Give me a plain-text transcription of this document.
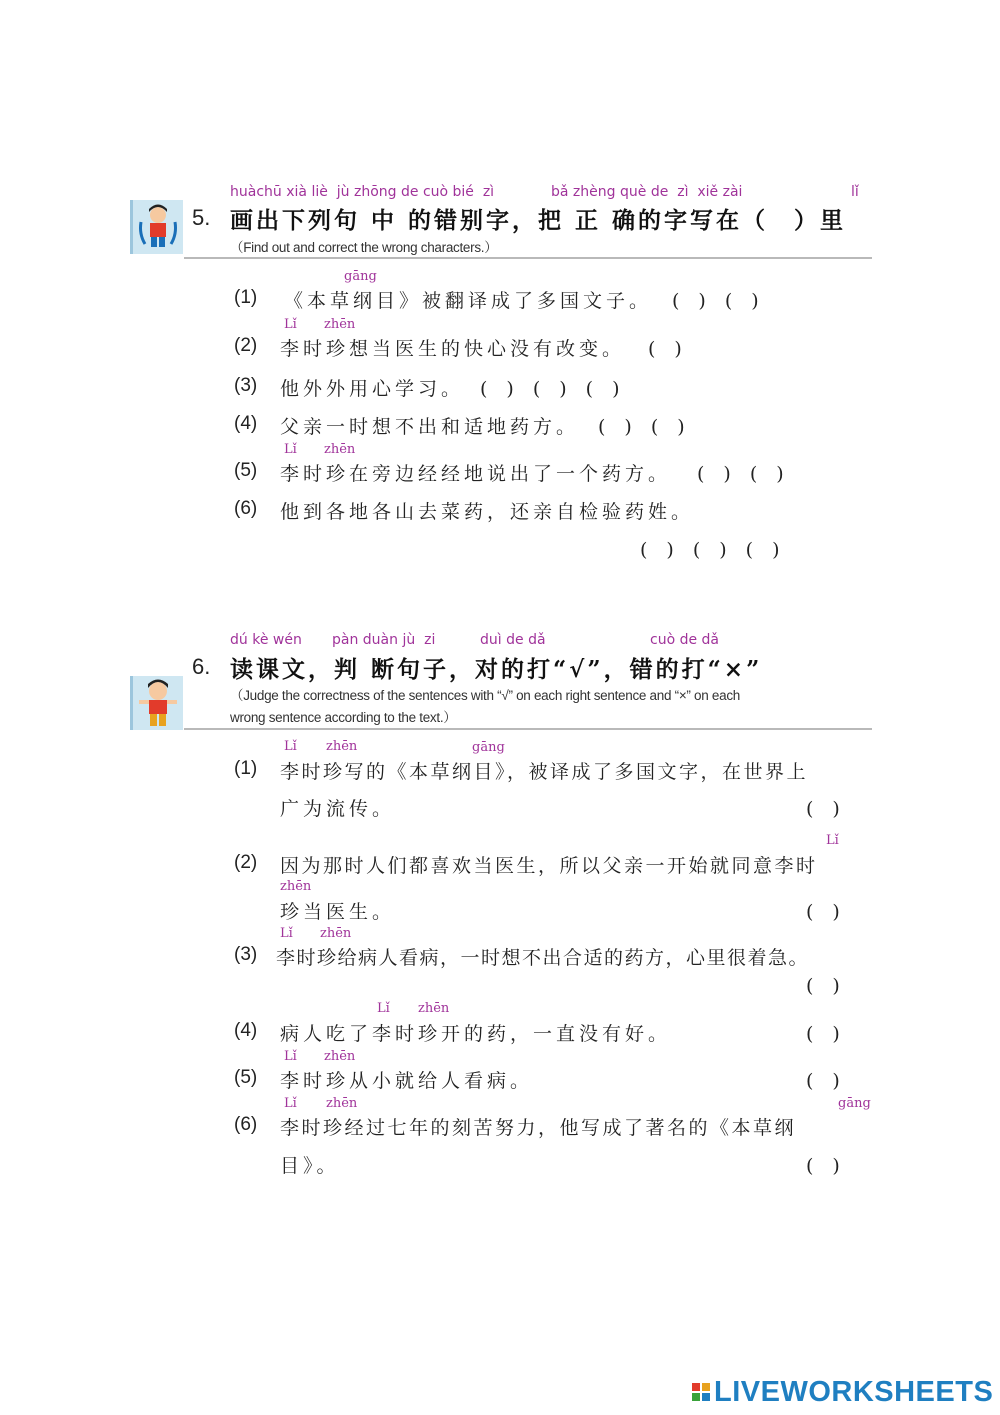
huàchū xià liè jù zhōng de cuò bié zì	bǎ zhèng què de zì xiě zài	lǐ
5. 画出下列句 中 的错别字，把 正 确的字写在（　）里
（Find out and correct the wrong characters.）
gāng
(1) 《本草纲目》被翻译成了多国文子。 (　)　(　)
Lǐ zhēn
(2) 李时珍想当医生的快心没有改变。 (　)
(3) 他外外用心学习。 (　)　(　)　(　)
(4) 父亲一时想不出和适地药方。 (　)　(　)
Lǐ zhēn
(5) 李时珍在旁边经经地说出了一个药方。 (　)　(　)
(6) 他到各地各山去菜药，还亲自检验药姓。
(　)　(　)　(　)
dú kè wén pàn duàn jù zi	duì de dǎ	cuò de dǎ
6. 读课文，判 断句子，对的打“√”，错的打“×”
（Judge the correctness of the sentences with “√” on each right sentence and “×” on each
wrong sentence according to the text.）
Lǐ zhēn	gāng
(1) 李时珍写的《本草纲目》，被译成了多国文字，在世界上
广为流传。	(　)
Lǐ
(2) 因为那时人们都喜欢当医生，所以父亲一开始就同意李时
zhēn
珍当医生。	(　)
Lǐ zhēn
(3) 李时珍给病人看病，一时想不出合适的药方，心里很着急。
(　)
Lǐ zhēn
(4) 病人吃了李时珍开的药，一直没有好。	(　)
Lǐ zhēn
(5) 李时珍从小就给人看病。	(　)
Lǐ zhēn	gāng
(6) 李时珍经过七年的刻苦努力，他写成了著名的《本草纲
目》。	(　)
LIVEWORKSHEETS
